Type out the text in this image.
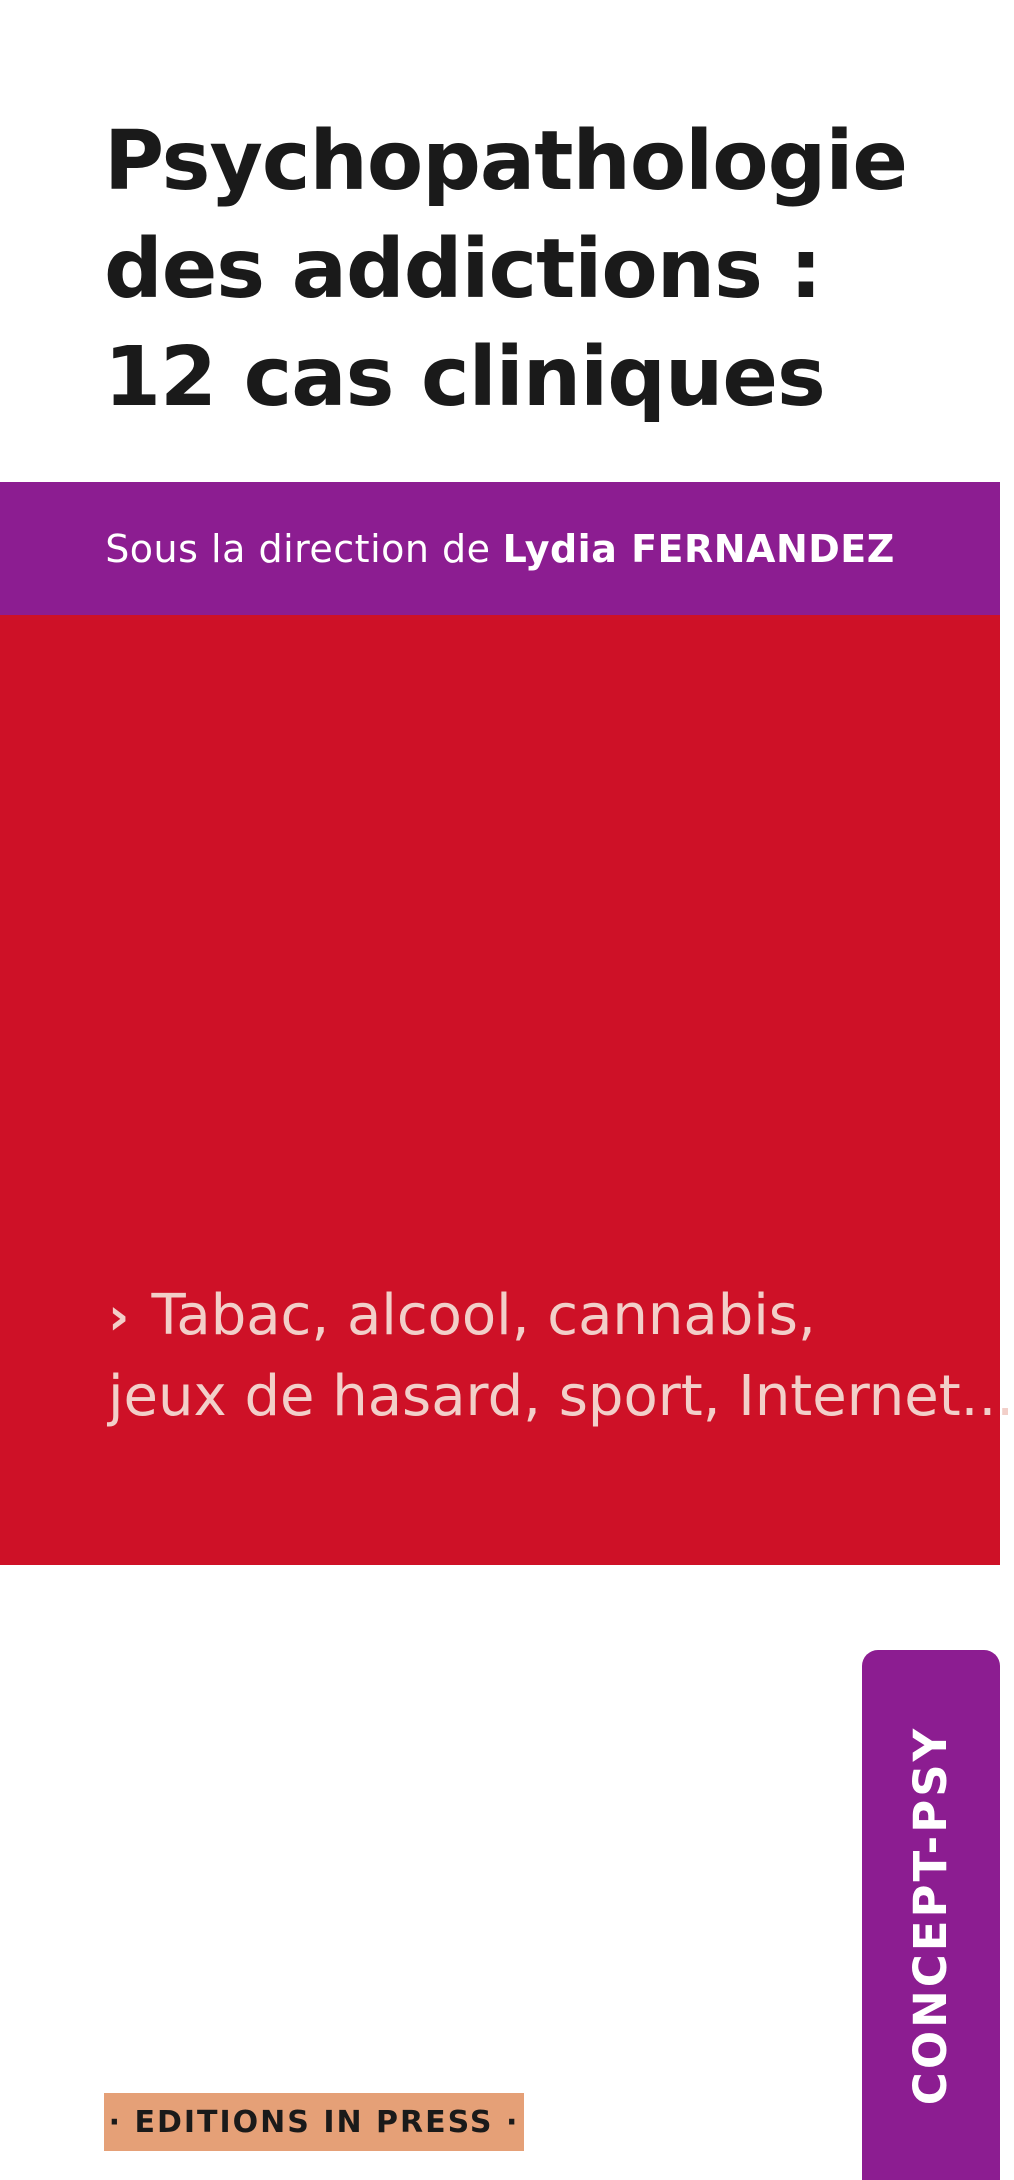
Psychopathologie
des addictions :
12 cas cliniques
Sous la direction de Lydia FERNANDEZ
› Tabac, alcool, cannabis,
jeux de hasard, sport, Internet...
CONCEPT-PSY
· EDITIONS IN PRESS ·
